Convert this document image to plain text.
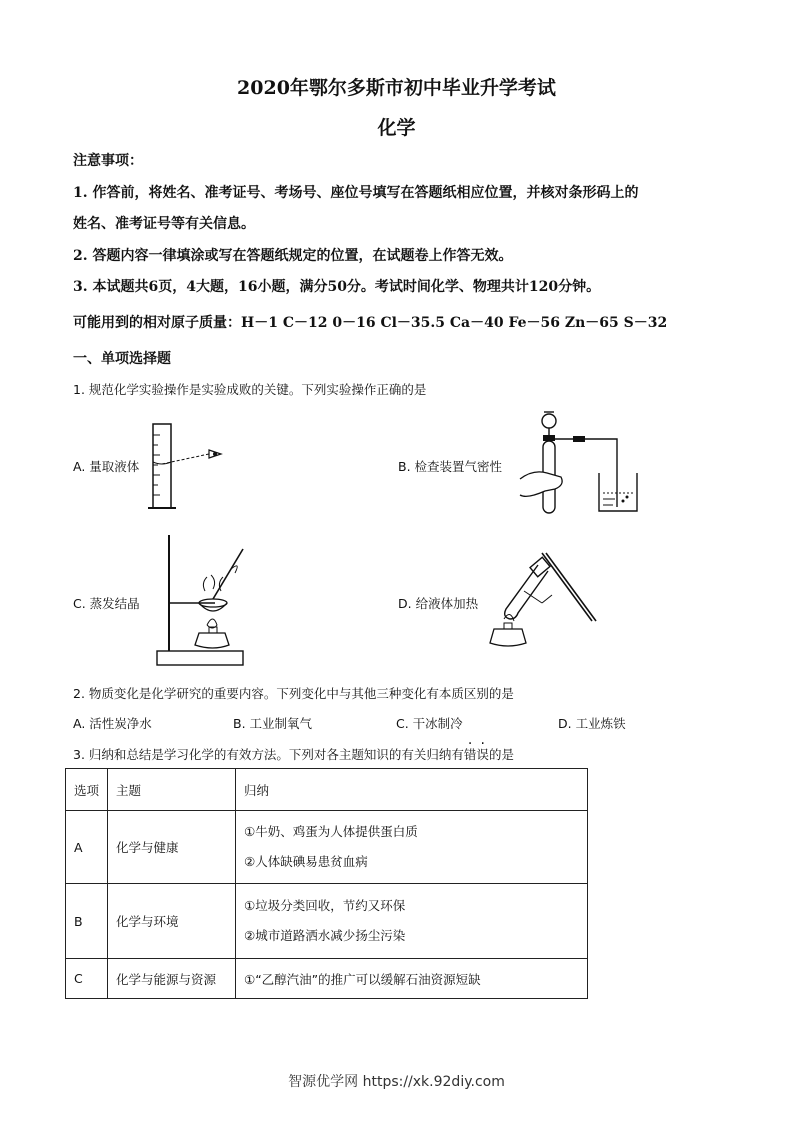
2020年鄂尔多斯市初中毕业升学考试
化学
注意事项：
1. 作答前，将姓名、准考证号、考场号、座位号填写在答题纸相应位置，并核对条形码上的
姓名、准考证号等有关信息。
2. 答题内容一律填涂或写在答题纸规定的位置，在试题卷上作答无效。
3. 本试题共6页，4大题，16小题，满分50分。考试时间化学、物理共计120分钟。
可能用到的相对原子质量：H－1 C－12 0－16 Cl－35.5 Ca－40 Fe－56 Zn－65 S－32
一、单项选择题
1. 规范化学实验操作是实验成败的关键。下列实验操作正确的是
A. 量取液体	B. 检查装置气密性
C. 蒸发结晶	D. 给液体加热
2. 物质变化是化学研究的重要内容。下列变化中与其他三种变化有本质区别的是
A. 活性炭净水	B. 工业制氧气	C. 干冰制冷	D. 工业炼铁
3. 归纳和总结是学习化学的有效方法。下列对各主题知识的有关归纳有错误的是
选项	主题	归纳
A	化学与健康	①牛奶、鸡蛋为人体提供蛋白质
②人体缺碘易患贫血病

B	化学与环境	①垃圾分类回收，节约又环保
②城市道路洒水减少扬尘污染

C	化学与能源与资源	①“乙醇汽油”的推广可以缓解石油资源短缺
智源优学网 https://xk.92diy.com
